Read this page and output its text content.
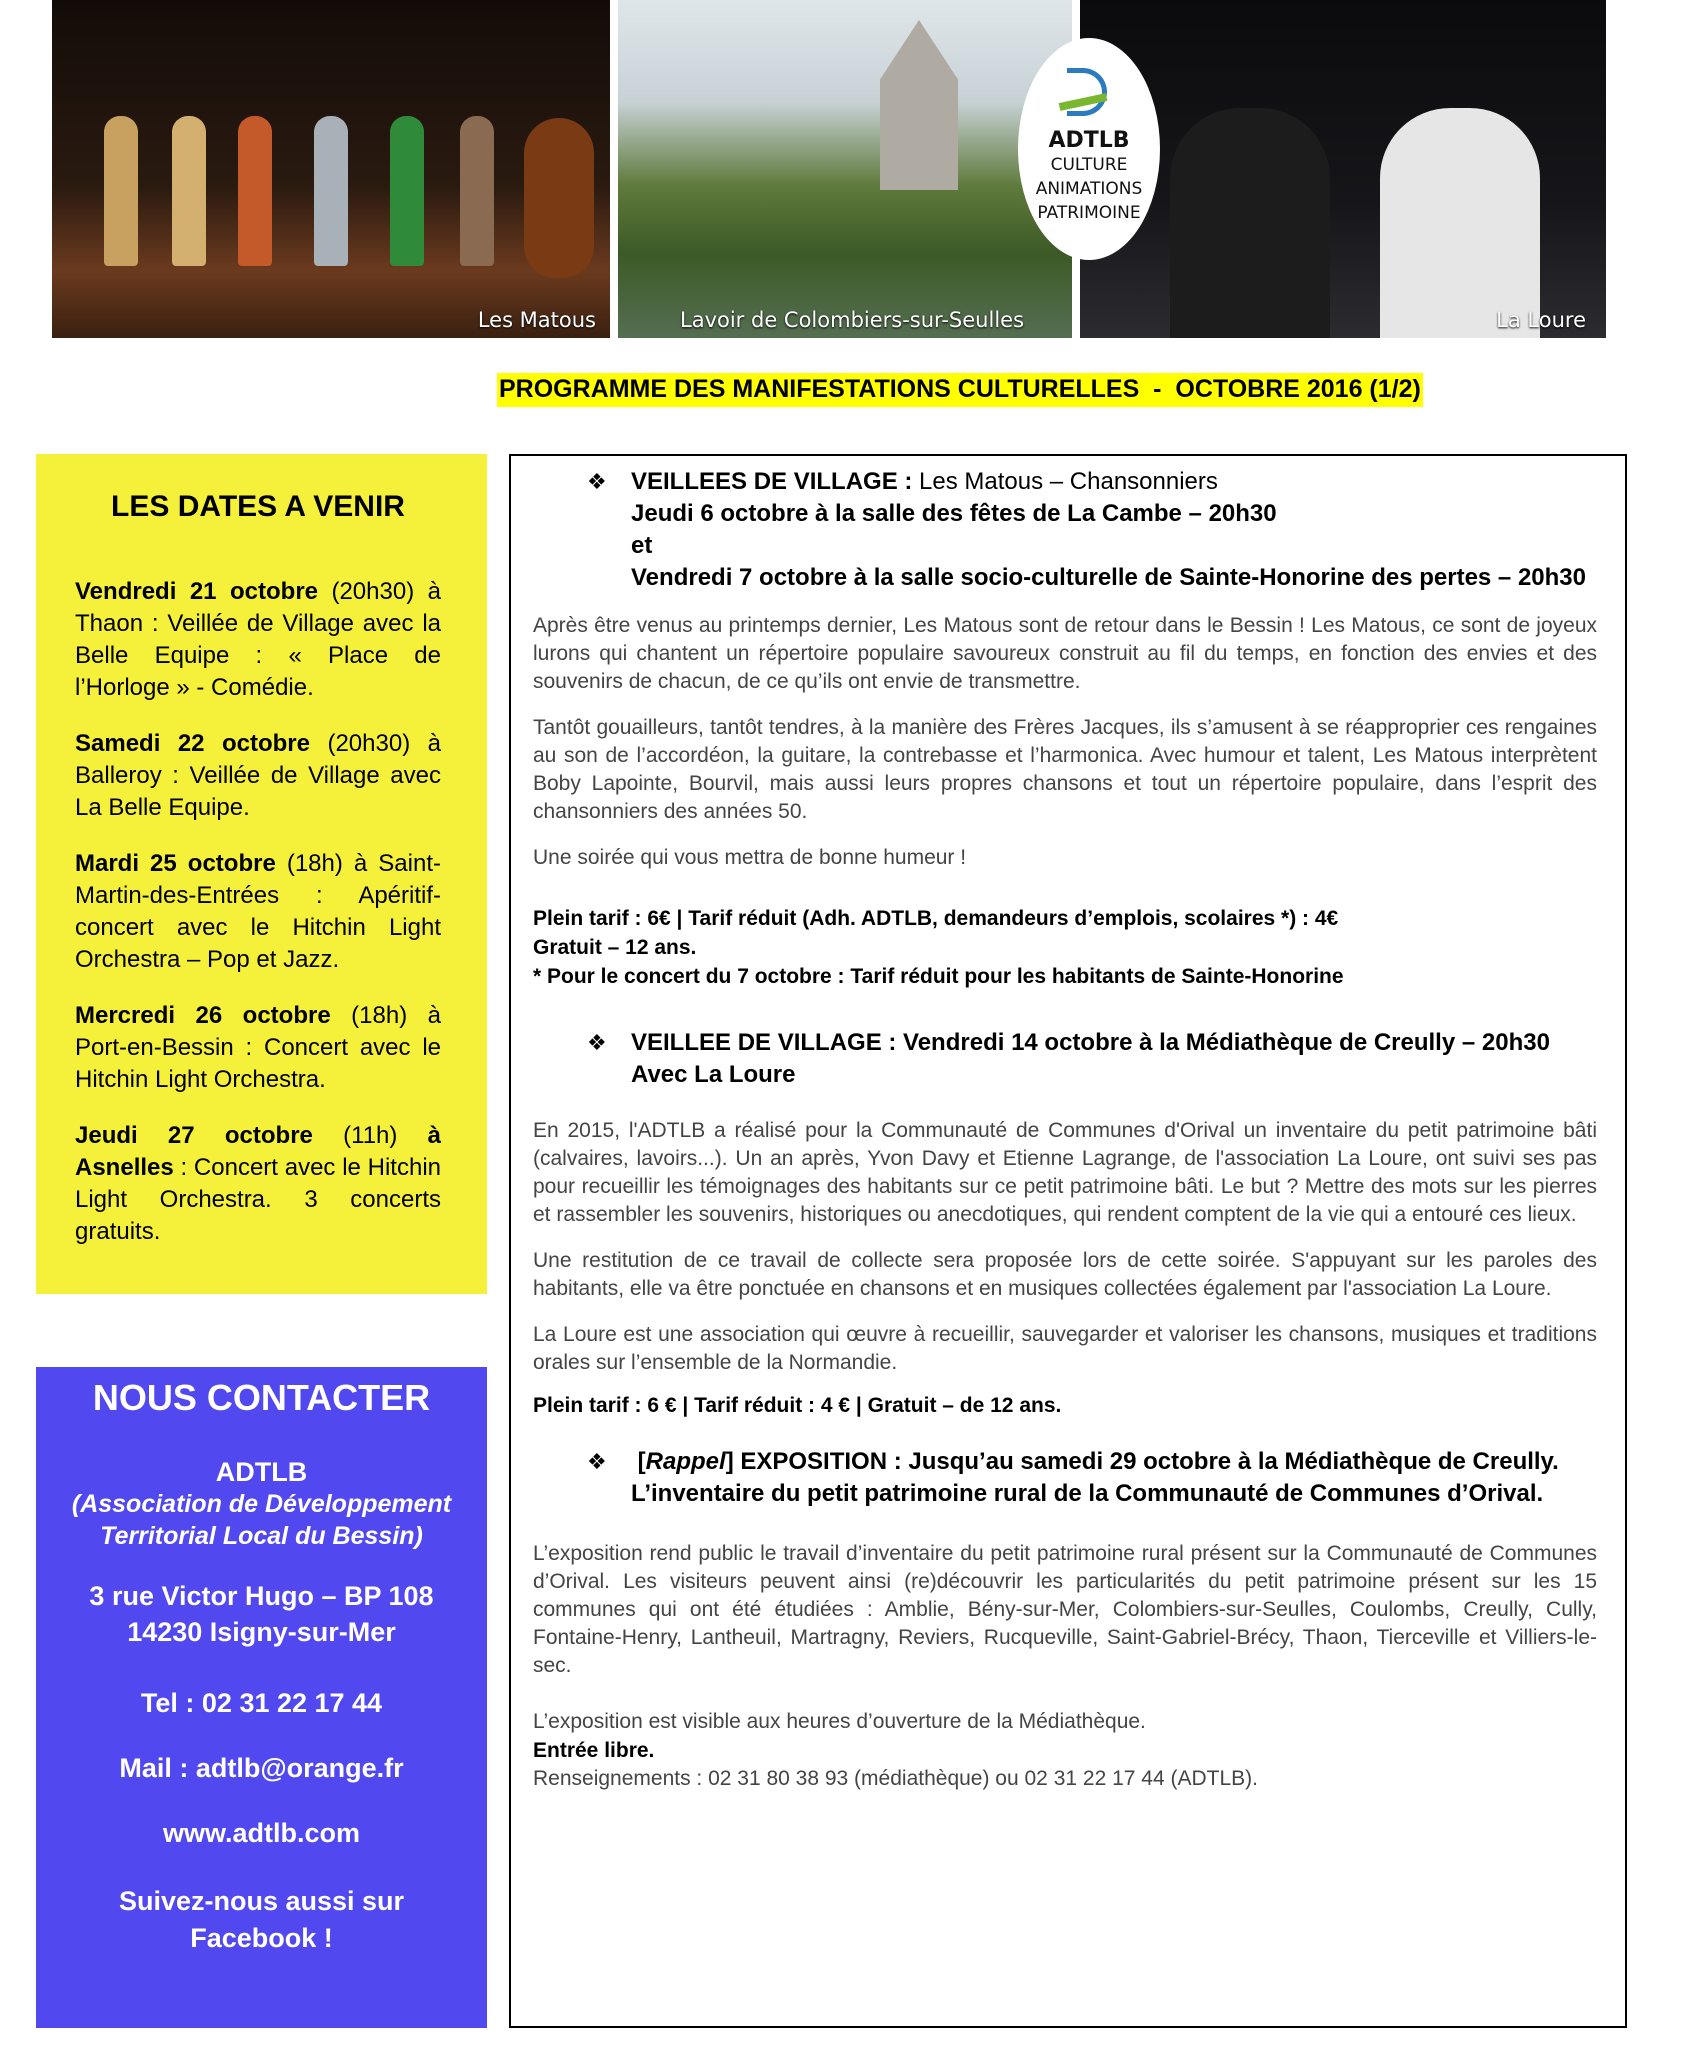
Les Matous	Lavoir de Colombiers-sur-Seulles	La Loure
ADTLB
CULTURE
ANIMATIONS
PATRIMOINE
PROGRAMME DES MANIFESTATIONS CULTURELLES  -  OCTOBRE 2016 (1/2)
LES DATES A VENIR
Vendredi 21 octobre (20h30) à Thaon : Veillée de Village avec la Belle Equipe : « Place de l’Horloge » - Comédie.
Samedi 22 octobre (20h30) à Balleroy : Veillée de Village avec La Belle Equipe.
Mardi 25 octobre (18h) à Saint-Martin-des-Entrées : Apéritif-concert avec le Hitchin Light Orchestra – Pop et Jazz.
Mercredi 26 octobre (18h) à Port-en-Bessin : Concert avec le Hitchin Light Orchestra.
Jeudi 27 octobre (11h) à Asnelles : Concert avec le Hitchin Light Orchestra. 3 concerts gratuits.
NOUS CONTACTER
ADTLB
(Association de Développement Territorial Local du Bessin)
3 rue Victor Hugo – BP 108
14230 Isigny-sur-Mer
Tel : 02 31 22 17 44
Mail : adtlb@orange.fr
www.adtlb.com
Suivez-nous aussi sur
Facebook !
❖ VEILLEES DE VILLAGE : Les Matous – Chansonniers

Jeudi 6 octobre à la salle des fêtes de La Cambe – 20h30

et

Vendredi 7 octobre à la salle socio-culturelle de Sainte-Honorine des pertes – 20h30

Après être venus au printemps dernier, Les Matous sont de retour dans le Bessin ! Les Matous, ce sont de joyeux lurons qui chantent un répertoire populaire savoureux construit au fil du temps, en fonction des envies et des souvenirs de chacun, de ce qu’ils ont envie de transmettre.

Tantôt gouailleurs, tantôt tendres, à la manière des Frères Jacques, ils s’amusent à se réapproprier ces rengaines au son de l’accordéon, la guitare, la contrebasse et l’harmonica. Avec humour et talent, Les Matous interprètent Boby Lapointe, Bourvil, mais aussi leurs propres chansons et tout un répertoire populaire, dans l’esprit des chansonniers des années 50.

Une soirée qui vous mettra de bonne humeur !

Plein tarif : 6€ | Tarif réduit (Adh. ADTLB, demandeurs d’emplois, scolaires *) : 4€

Gratuit – 12 ans.

* Pour le concert du 7 octobre : Tarif réduit pour les habitants de Sainte-Honorine

❖ VEILLEE DE VILLAGE : Vendredi 14 octobre à la Médiathèque de Creully – 20h30

Avec La Loure

En 2015, l'ADTLB a réalisé pour la Communauté de Communes d'Orival un inventaire du petit patrimoine bâti (calvaires, lavoirs...). Un an après, Yvon Davy et Etienne Lagrange, de l'association La Loure, ont suivi ses pas pour recueillir les témoignages des habitants sur ce petit patrimoine bâti. Le but ? Mettre des mots sur les pierres et rassembler les souvenirs, historiques ou anecdotiques, qui rendent comptent de la vie qui a entouré ces lieux.

Une restitution de ce travail de collecte sera proposée lors de cette soirée. S'appuyant sur les paroles des habitants, elle va être ponctuée en chansons et en musiques collectées également par l'association La Loure.

La Loure est une association qui œuvre à recueillir, sauvegarder et valoriser les chansons, musiques et traditions orales sur l’ensemble de la Normandie.

Plein tarif : 6 € | Tarif réduit : 4 € | Gratuit – de 12 ans.

❖ [Rappel] EXPOSITION : Jusqu’au samedi 29 octobre à la Médiathèque de Creully.

L’inventaire du petit patrimoine rural de la Communauté de Communes d’Orival.

L’exposition rend public le travail d’inventaire du petit patrimoine rural présent sur la Communauté de Communes d’Orival. Les visiteurs peuvent ainsi (re)découvrir les particularités du petit patrimoine présent sur les 15 communes qui ont été étudiées : Amblie, Bény-sur-Mer, Colombiers-sur-Seulles, Coulombs, Creully, Cully, Fontaine-Henry, Lantheuil, Martragny, Reviers, Rucqueville, Saint-Gabriel-Brécy, Thaon, Tierceville et Villiers-le-sec.

L’exposition est visible aux heures d’ouverture de la Médiathèque.

Entrée libre.

Renseignements : 02 31 80 38 93 (médiathèque) ou 02 31 22 17 44 (ADTLB).
